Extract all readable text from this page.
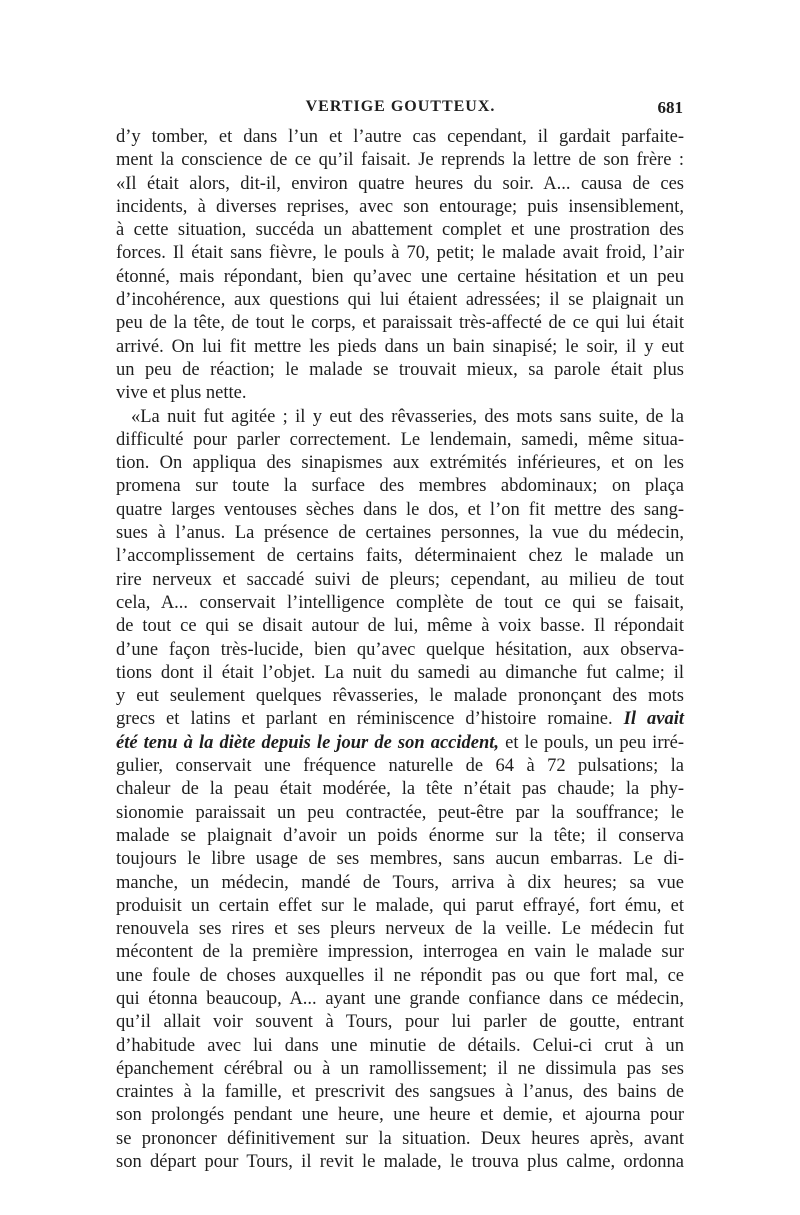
VERTIGE GOUTTEUX.	681
d’y tomber, et dans l’un et l’autre cas cependant, il gardait parfaite-
ment la conscience de ce qu’il faisait. Je reprends la lettre de son frère :
«Il était alors, dit-il, environ quatre heures du soir. A... causa de ces
incidents, à diverses reprises, avec son entourage; puis insensiblement,
à cette situation, succéda un abattement complet et une prostration des
forces. Il était sans fièvre, le pouls à 70, petit; le malade avait froid, l’air
étonné, mais répondant, bien qu’avec une certaine hésitation et un peu
d’incohérence, aux questions qui lui étaient adressées; il se plaignait un
peu de la tête, de tout le corps, et paraissait très-affecté de ce qui lui était
arrivé. On lui fit mettre les pieds dans un bain sinapisé; le soir, il y eut
un peu de réaction; le malade se trouvait mieux, sa parole était plus
vive et plus nette.
«La nuit fut agitée ; il y eut des rêvasseries, des mots sans suite, de la
difficulté pour parler correctement. Le lendemain, samedi, même situa-
tion. On appliqua des sinapismes aux extrémités inférieures, et on les
promena sur toute la surface des membres abdominaux; on plaça
quatre larges ventouses sèches dans le dos, et l’on fit mettre des sang-
sues à l’anus. La présence de certaines personnes, la vue du médecin,
l’accomplissement de certains faits, déterminaient chez le malade un
rire nerveux et saccadé suivi de pleurs; cependant, au milieu de tout
cela, A... conservait l’intelligence complète de tout ce qui se faisait,
de tout ce qui se disait autour de lui, même à voix basse. Il répondait
d’une façon très-lucide, bien qu’avec quelque hésitation, aux observa-
tions dont il était l’objet. La nuit du samedi au dimanche fut calme; il
y eut seulement quelques rêvasseries, le malade prononçant des mots
grecs et latins et parlant en réminiscence d’histoire romaine. Il avait
été tenu à la diète depuis le jour de son accident, et le pouls, un peu irré-
gulier, conservait une fréquence naturelle de 64 à 72 pulsations; la
chaleur de la peau était modérée, la tête n’était pas chaude; la phy-
sionomie paraissait un peu contractée, peut-être par la souffrance; le
malade se plaignait d’avoir un poids énorme sur la tête; il conserva
toujours le libre usage de ses membres, sans aucun embarras. Le di-
manche, un médecin, mandé de Tours, arriva à dix heures; sa vue
produisit un certain effet sur le malade, qui parut effrayé, fort ému, et
renouvela ses rires et ses pleurs nerveux de la veille. Le médecin fut
mécontent de la première impression, interrogea en vain le malade sur
une foule de choses auxquelles il ne répondit pas ou que fort mal, ce
qui étonna beaucoup, A... ayant une grande confiance dans ce médecin,
qu’il allait voir souvent à Tours, pour lui parler de goutte, entrant
d’habitude avec lui dans une minutie de détails. Celui-ci crut à un
épanchement cérébral ou à un ramollissement; il ne dissimula pas ses
craintes à la famille, et prescrivit des sangsues à l’anus, des bains de
son prolongés pendant une heure, une heure et demie, et ajourna pour
se prononcer définitivement sur la situation. Deux heures après, avant
son départ pour Tours, il revit le malade, le trouva plus calme, ordonna
